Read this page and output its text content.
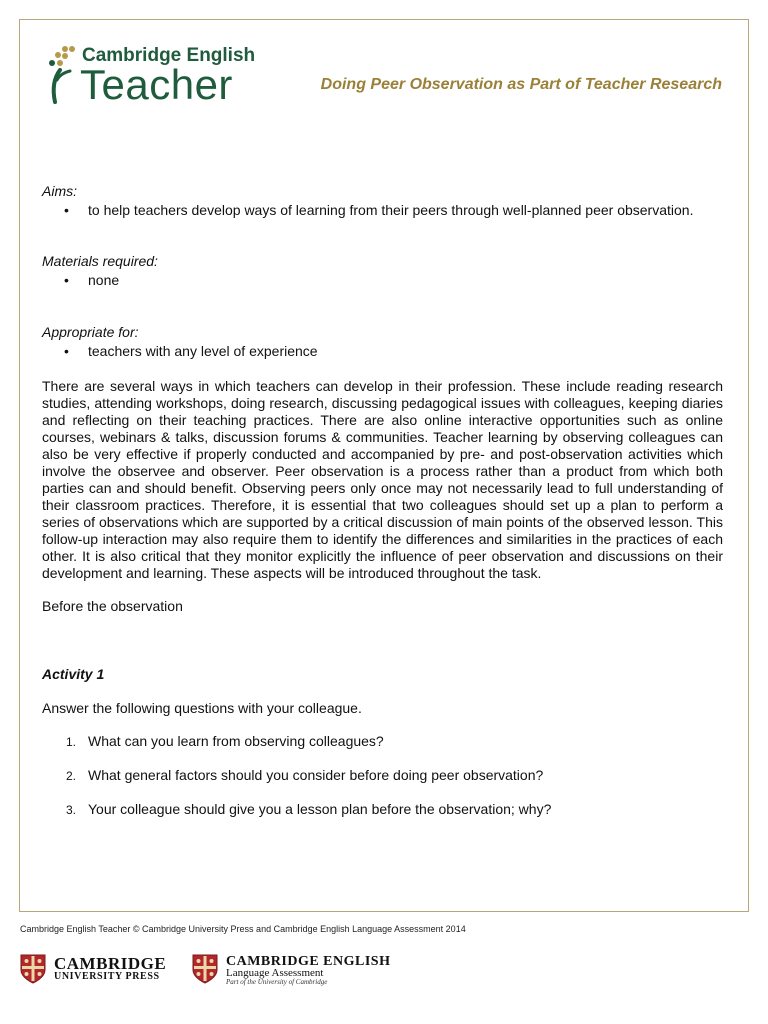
Cambridge English
Teacher	Doing Peer Observation as Part of Teacher Research
Aims:
• to help teachers develop ways of learning from their peers through well-planned peer observation.
Materials required:
• none
Appropriate for:
• teachers with any level of experience

There are several ways in which teachers can develop in their profession. These include reading research studies, attending workshops, doing research, discussing pedagogical issues with colleagues, keeping diaries and reflecting on their teaching practices. There are also online interactive opportunities such as online courses, webinars & talks, discussion forums & communities. Teacher learning by observing colleagues can also be very effective if properly conducted and accompanied by pre- and post-observation activities which involve the observee and observer. Peer observation is a process rather than a product from which both parties can and should benefit. Observing peers only once may not necessarily lead to full understanding of their classroom practices. Therefore, it is essential that two colleagues should set up a plan to perform a series of observations which are supported by a critical discussion of main points of the observed lesson. This follow-up interaction may also require them to identify the differences and similarities in the practices of each other. It is also critical that they monitor explicitly the influence of peer observation and discussions on their development and learning. These aspects will be introduced throughout the task.

Before the observation
Activity 1
Answer the following questions with your colleague.
1. What can you learn from observing colleagues?
2. What general factors should you consider before doing peer observation?
3. Your colleague should give you a lesson plan before the observation; why?
Cambridge English Teacher © Cambridge University Press and Cambridge English Language Assessment 2014
CAMBRIDGE
UNIVERSITY PRESS
CAMBRIDGE ENGLISH
Language Assessment
Part of the University of Cambridge
